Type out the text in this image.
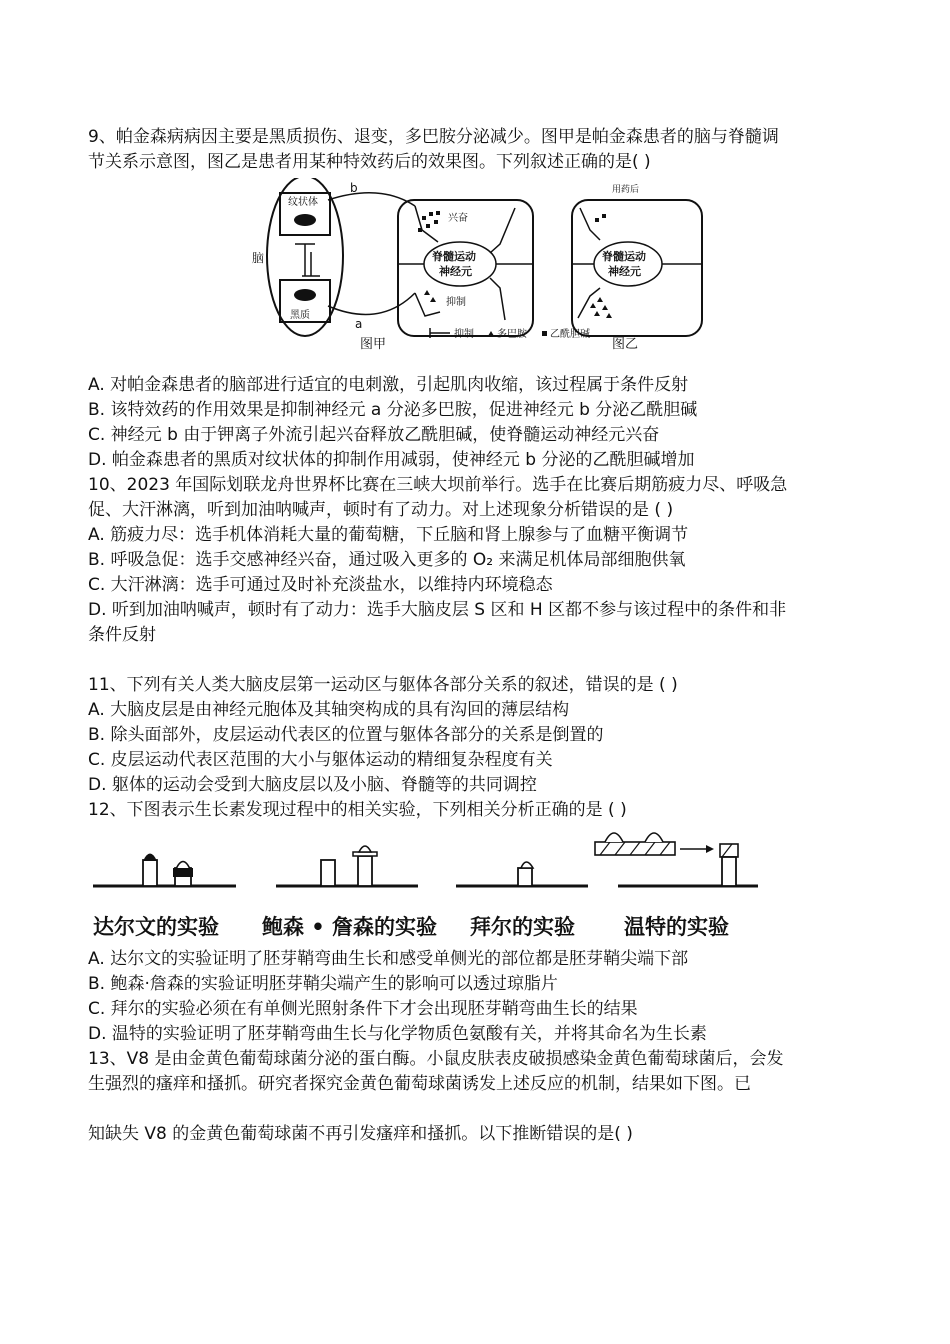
9、帕金森病病因主要是黑质损伤、退变，多巴胺分泌减少。图甲是帕金森患者的脑与脊髓调
节关系示意图，图乙是患者用某种特效药后的效果图。下列叙述正确的是( )
脑
纹状体
黑质
b
a
脊髓运动
神经元
兴奋
抑制
脊髓运动
神经元
用药后
抑制 多巴胺 乙酰胆碱
图甲	图乙
A. 对帕金森患者的脑部进行适宜的电刺激，引起肌肉收缩，该过程属于条件反射
B. 该特效药的作用效果是抑制神经元 a 分泌多巴胺，促进神经元 b 分泌乙酰胆碱
C. 神经元 b 由于钾离子外流引起兴奋释放乙酰胆碱，使脊髓运动神经元兴奋
D. 帕金森患者的黑质对纹状体的抑制作用减弱，使神经元 b 分泌的乙酰胆碱增加
10、2023 年国际划联龙舟世界杯比赛在三峡大坝前举行。选手在比赛后期筋疲力尽、呼吸急
促、大汗淋漓，听到加油呐喊声，顿时有了动力。对上述现象分析错误的是 ( )
A. 筋疲力尽：选手机体消耗大量的葡萄糖，下丘脑和肾上腺参与了血糖平衡调节
B. 呼吸急促：选手交感神经兴奋，通过吸入更多的 O₂ 来满足机体局部细胞供氧
C. 大汗淋漓：选手可通过及时补充淡盐水，以维持内环境稳态
D. 听到加油呐喊声，顿时有了动力：选手大脑皮层 S 区和 H 区都不参与该过程中的条件和非
条件反射
11、下列有关人类大脑皮层第一运动区与躯体各部分关系的叙述，错误的是 ( )
A. 大脑皮层是由神经元胞体及其轴突构成的具有沟回的薄层结构
B. 除头面部外，皮层运动代表区的位置与躯体各部分的关系是倒置的
C. 皮层运动代表区范围的大小与躯体运动的精细复杂程度有关
D. 躯体的运动会受到大脑皮层以及小脑、脊髓等的共同调控
12、下图表示生长素发现过程中的相关实验，下列相关分析正确的是 ( )
达尔文的实验 鲍森 • 詹森的实验 拜尔的实验 温特的实验
A. 达尔文的实验证明了胚芽鞘弯曲生长和感受单侧光的部位都是胚芽鞘尖端下部
B. 鲍森·詹森的实验证明胚芽鞘尖端产生的影响可以透过琼脂片
C. 拜尔的实验必须在有单侧光照射条件下才会出现胚芽鞘弯曲生长的结果
D. 温特的实验证明了胚芽鞘弯曲生长与化学物质色氨酸有关，并将其命名为生长素
13、V8 是由金黄色葡萄球菌分泌的蛋白酶。小鼠皮肤表皮破损感染金黄色葡萄球菌后，会发
生强烈的瘙痒和搔抓。研究者探究金黄色葡萄球菌诱发上述反应的机制，结果如下图。已
知缺失 V8 的金黄色葡萄球菌不再引发瘙痒和搔抓。以下推断错误的是( )
